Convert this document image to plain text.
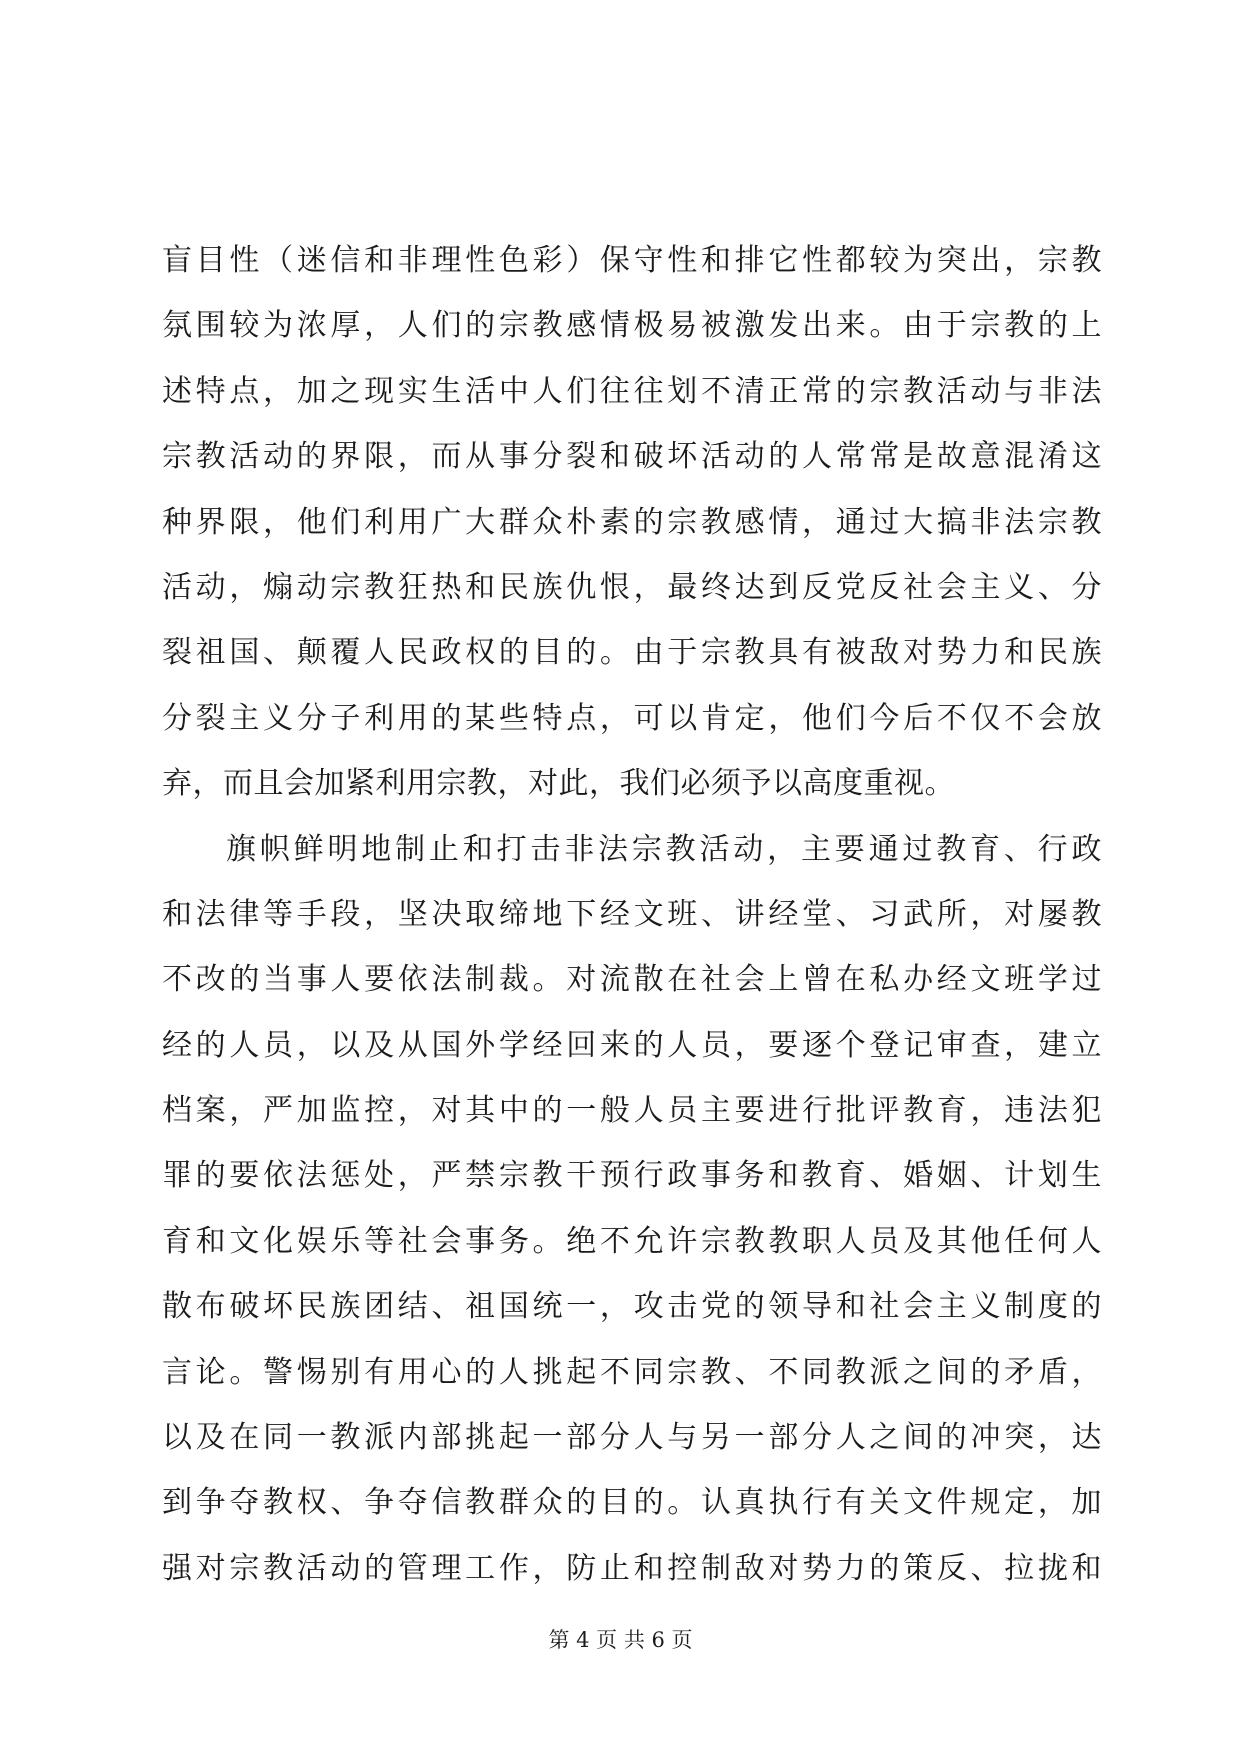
盲目性（迷信和非理性色彩）保守性和排它性都较为突出，宗教
氛围较为浓厚，人们的宗教感情极易被激发出来。由于宗教的上
述特点，加之现实生活中人们往往划不清正常的宗教活动与非法
宗教活动的界限，而从事分裂和破坏活动的人常常是故意混淆这
种界限，他们利用广大群众朴素的宗教感情，通过大搞非法宗教
活动，煽动宗教狂热和民族仇恨，最终达到反党反社会主义、分
裂祖国、颠覆人民政权的目的。由于宗教具有被敌对势力和民族
分裂主义分子利用的某些特点，可以肯定，他们今后不仅不会放
弃，而且会加紧利用宗教，对此，我们必须予以高度重视。
旗帜鲜明地制止和打击非法宗教活动，主要通过教育、行政
和法律等手段，坚决取缔地下经文班、讲经堂、习武所，对屡教
不改的当事人要依法制裁。对流散在社会上曾在私办经文班学过
经的人员，以及从国外学经回来的人员，要逐个登记审查，建立
档案，严加监控，对其中的一般人员主要进行批评教育，违法犯
罪的要依法惩处，严禁宗教干预行政事务和教育、婚姻、计划生
育和文化娱乐等社会事务。绝不允许宗教教职人员及其他任何人
散布破坏民族团结、祖国统一，攻击党的领导和社会主义制度的
言论。警惕别有用心的人挑起不同宗教、不同教派之间的矛盾，
以及在同一教派内部挑起一部分人与另一部分人之间的冲突，达
到争夺教权、争夺信教群众的目的。认真执行有关文件规定，加
强对宗教活动的管理工作，防止和控制敌对势力的策反、拉拢和
第 4 页 共 6 页
